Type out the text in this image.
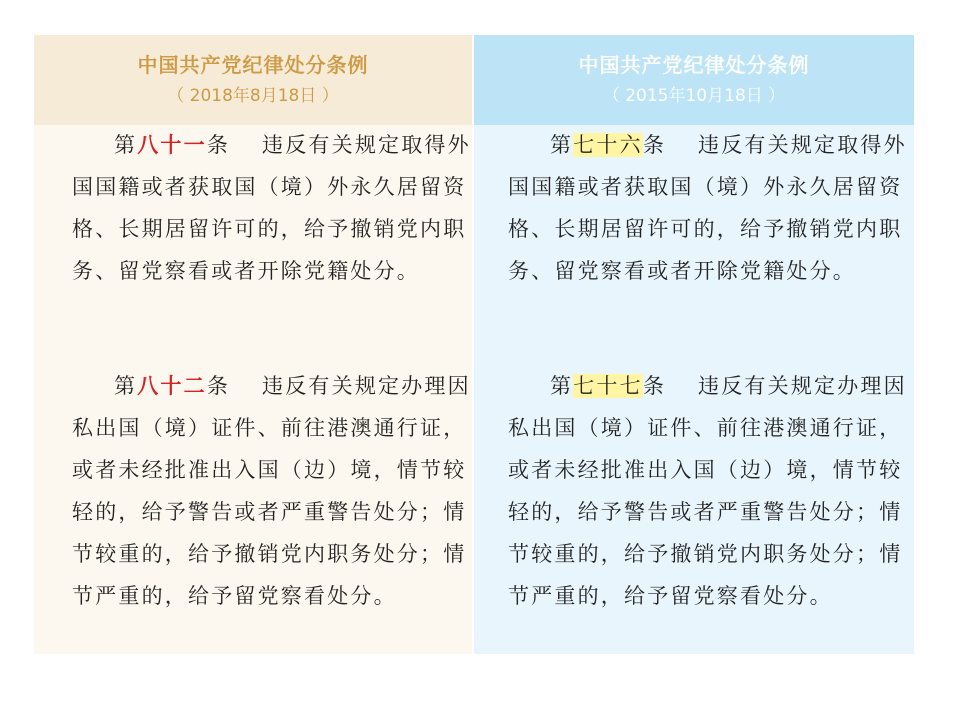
中国共产党纪律处分条例
（ 2018年8月18日 ）

第八十一条 违反有关规定取得外国国籍或者获取国（境）外永久居留资格、长期居留许可的，给予撤销党内职务、留党察看或者开除党籍处分。

第八十二条 违反有关规定办理因私出国（境）证件、前往港澳通行证，或者未经批准出入国（边）境，情节较轻的，给予警告或者严重警告处分；情节较重的，给予撤销党内职务处分；情节严重的，给予留党察看处分。

中国共产党纪律处分条例
（ 2015年10月18日 ）

第七十六条 违反有关规定取得外国国籍或者获取国（境）外永久居留资格、长期居留许可的，给予撤销党内职务、留党察看或者开除党籍处分。

第七十七条 违反有关规定办理因私出国（境）证件、前往港澳通行证，或者未经批准出入国（边）境，情节较轻的，给予警告或者严重警告处分；情节较重的，给予撤销党内职务处分；情节严重的，给予留党察看处分。
